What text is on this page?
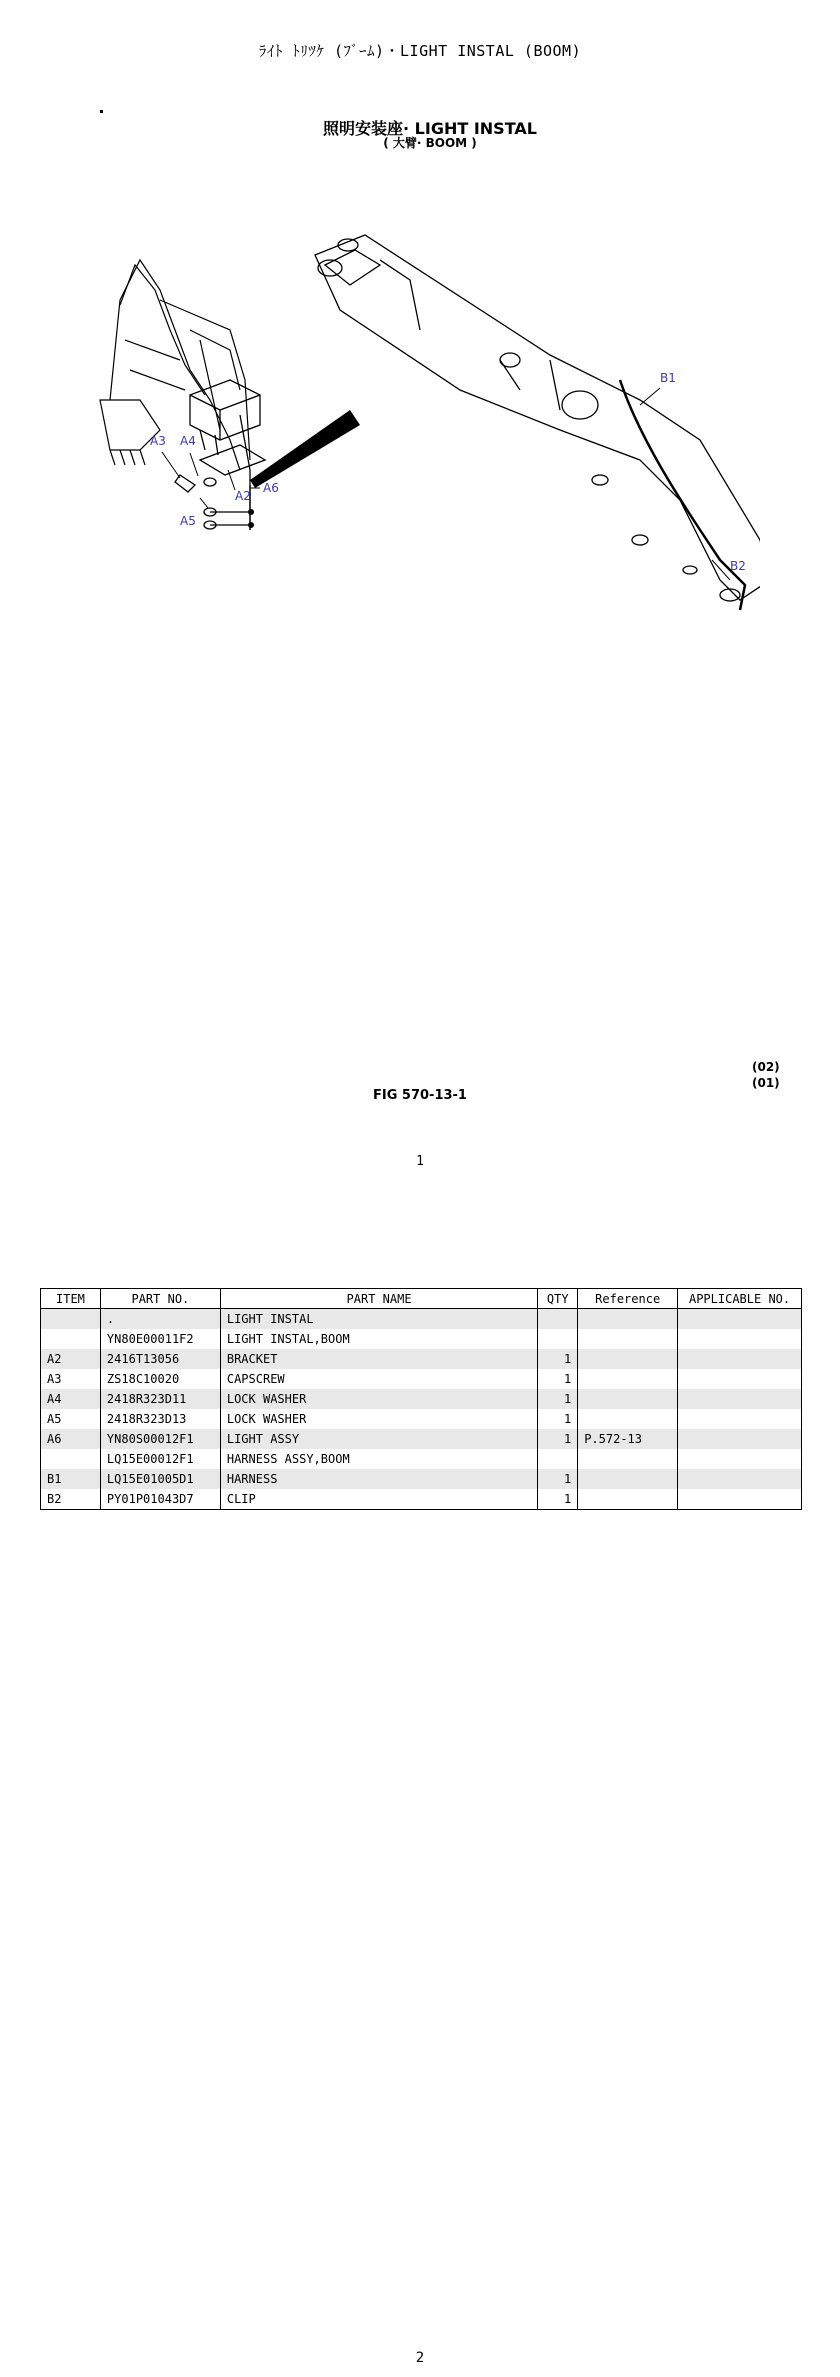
ﾗｲﾄ ﾄﾘﾂｹ (ﾌﾞｰﾑ)・LIGHT INSTAL (BOOM)
照明安装座· LIGHT INSTAL
( 大臂· BOOM )
A3 A4
A2
A5
A6
B1
B2
(02)
(01)
FIG 570-13-1
1
ITEM	PART NO.	PART NAME	QTY	Reference	APPLICABLE NO.
	.	LIGHT INSTAL			
	YN80E00011F2	LIGHT INSTAL,BOOM			
A2	2416T13056	BRACKET	1		
A3	ZS18C10020	CAPSCREW	1		
A4	2418R323D11	LOCK WASHER	1		
A5	2418R323D13	LOCK WASHER	1		
A6	YN80S00012F1	LIGHT ASSY	1	P.572-13	
	LQ15E00012F1	HARNESS ASSY,BOOM			
B1	LQ15E01005D1	HARNESS	1		
B2	PY01P01043D7	CLIP	1		
2
